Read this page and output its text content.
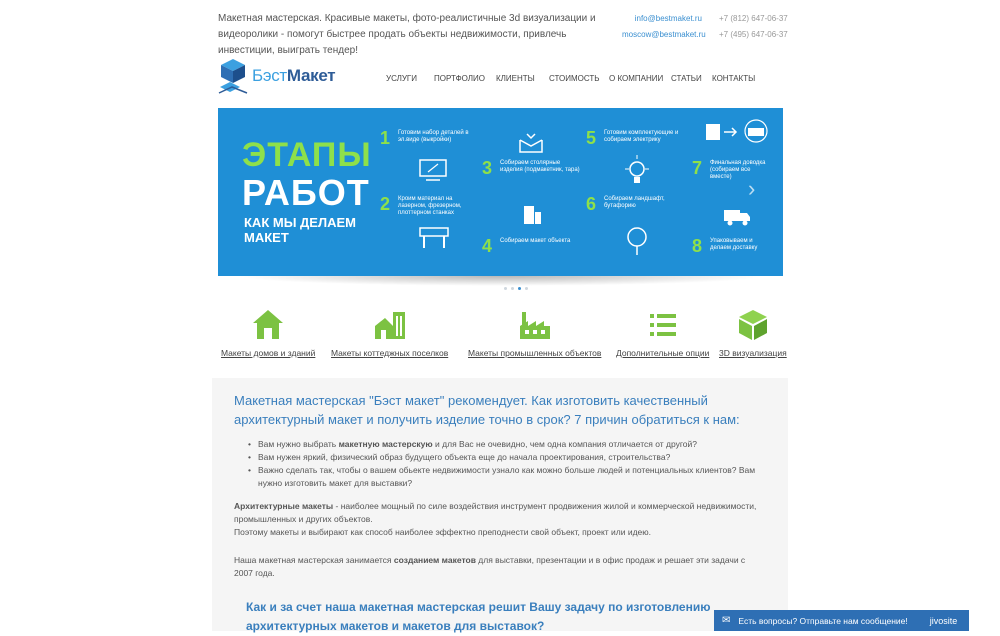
Макетная мастерская. Красивые макеты, фото-реалистичные 3d визуализации и видеоролики - помогут быстрее продать объекты недвижимости, привлечь инвестиции, выиграть тендер!
info@bestmaket.ru
moscow@bestmaket.ru
+7 (812) 647-06-37
+7 (495) 647-06-37
БэстМакет
ЭТАПЫ
РАБОТ
КАК МЫ ДЕЛАЕМ МАКЕТ
1 Готовим набор деталей в эл.виде (выкройки)
2 Кроим материал на лазерном, фрезерном, плоттерном станках
3 Собираем столярные изделия (подмакетник, тара)
4 Собираем макет объекта
5 Готовим комплектующие и собираем электрику
6 Собираем ландшафт, бутафорию
7 Финальная доводка (собираем все вместе)
8 Упаковываем и делаем доставку
›
Макеты домов и зданий Макеты коттеджных поселков Макеты промышленных объектов Дополнительные опции 3D визуализация
Макетная мастерская "Бэст макет" рекомендует. Как изготовить качественный архитектурный макет и получить изделие точно в срок? 7 причин обратиться к нам:
• Вам нужно выбрать макетную мастерскую и для Вас не очевидно, чем одна компания отличается от другой?
• Вам нужен яркий, физический образ будущего объекта еще до начала проектирования, строительства?
• Важно сделать так, чтобы о вашем обьекте недвижимости узнало как можно больше людей и потенциальных клиентов? Вам нужно изготовить макет для выставки?
Архитектурные макеты - наиболее мощный по силе воздействия инструмент продвижения жилой и коммерческой недвижимости, промышленных и других объектов.
Поэтому макеты и выбирают как способ наиболее эффектно преподнести свой объект, проект или идею.
Наша макетная мастерская занимается созданием макетов для выставки, презентации и в офис продаж и решает эти задачи с 2007 года.
Как и за счет наша макетная мастерская решит Вашу задачу по изготовлению архитектурных макетов и макетов для выставок?	✉ Есть вопросы? Отправьте нам сообщение! jivosite
УСЛУГИ ПОРТФОЛИО КЛИЕНТЫ СТОИМОСТЬ О КОМПАНИИ СТАТЬИ КОНТАКТЫ
